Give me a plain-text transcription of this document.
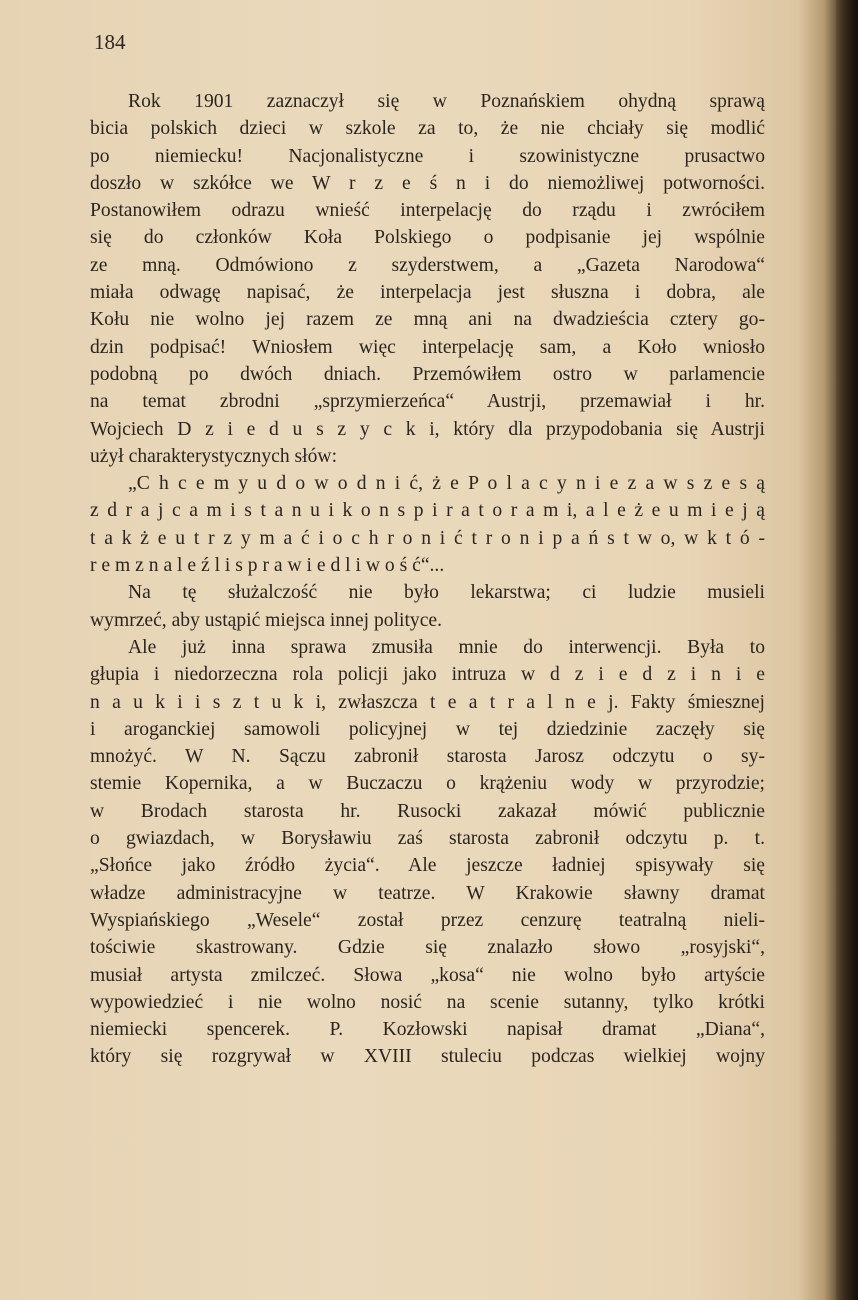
184
Rok 1901 zaznaczył się w Poznańskiem ohydną sprawą
bicia polskich dzieci w szkole za to, że nie chciały się modlić
po niemiecku! Nacjonalistyczne i szowinistyczne prusactwo
doszło w szkółce we W r z e ś n i do niemożliwej potworności.
Postanowiłem odrazu wnieść interpelację do rządu i zwróciłem
się do członków Koła Polskiego o podpisanie jej wspólnie
ze mną. Odmówiono z szyderstwem, a „Gazeta Narodowa“
miała odwagę napisać, że interpelacja jest słuszna i dobra, ale
Kołu nie wolno jej razem ze mną ani na dwadzieścia cztery go-
dzin podpisać! Wniosłem więc interpelację sam, a Koło wniosło
podobną po dwóch dniach. Przemówiłem ostro w parlamencie
na temat zbrodni „sprzymierzeńca“ Austrji, przemawiał i hr.
Wojciech D z i e d u s z y c k i, który dla przypodobania się Austrji
użył charakterystycznych słów:
„C h c e m y u d o w o d n i ć, ż e P o l a c y n i e z a w s z e s ą
z d r a j c a m i s t a n u i k o n s p i r a t o r a m i, a l e ż e u m i e j ą
t a k ż e u t r z y m a ć i o c h r o n i ć t r o n i p a ń s t w o, w k t ó -
r e m z n a l e ź l i s p r a w i e d l i w o ś ć“...
Na tę służalczość nie było lekarstwa; ci ludzie musieli
wymrzeć, aby ustąpić miejsca innej polityce.
Ale już inna sprawa zmusiła mnie do interwencji. Była to
głupia i niedorzeczna rola policji jako intruza w d z i e d z i n i e
n a u k i i s z t u k i, zwłaszcza t e a t r a l n e j. Fakty śmiesznej
i aroganckiej samowoli policyjnej w tej dziedzinie zaczęły się
mnożyć. W N. Sączu zabronił starosta Jarosz odczytu o sy-
stemie Kopernika, a w Buczaczu o krążeniu wody w przyrodzie;
w Brodach starosta hr. Rusocki zakazał mówić publicznie
o gwiazdach, w Borysławiu zaś starosta zabronił odczytu p. t.
„Słońce jako źródło życia“. Ale jeszcze ładniej spisywały się
władze administracyjne w teatrze. W Krakowie sławny dramat
Wyspiańskiego „Wesele“ został przez cenzurę teatralną nieli-
tościwie skastrowany. Gdzie się znalazło słowo „rosyjski“,
musiał artysta zmilczeć. Słowa „kosa“ nie wolno było artyście
wypowiedzieć i nie wolno nosić na scenie sutanny, tylko krótki
niemiecki spencerek. P. Kozłowski napisał dramat „Diana“,
który się rozgrywał w XVIII stuleciu podczas wielkiej wojny
